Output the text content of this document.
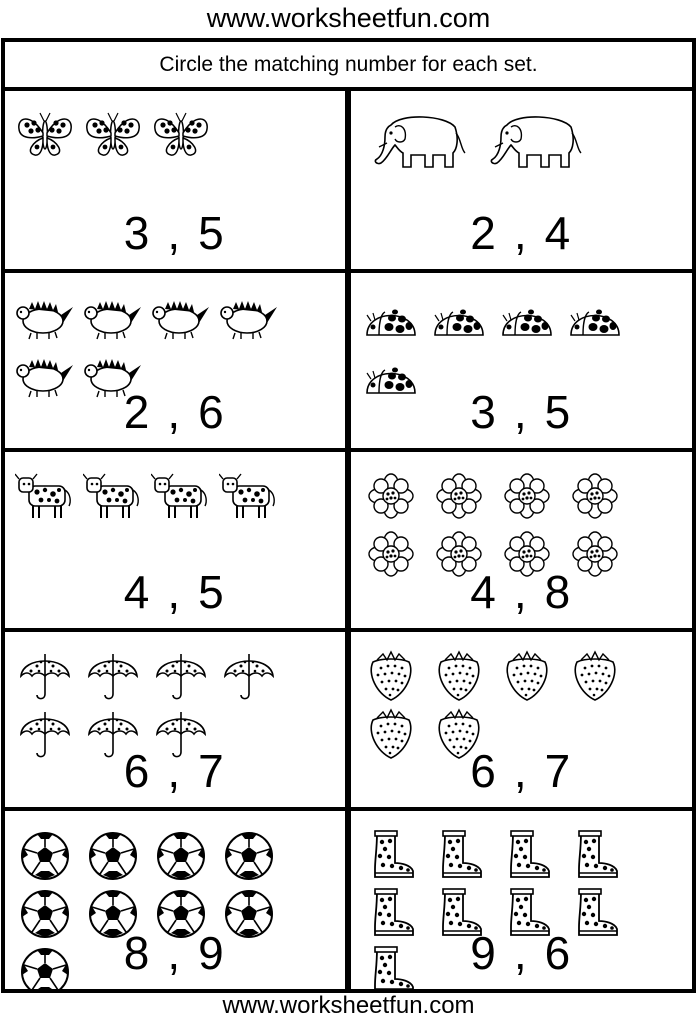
www.worksheetfun.com
Circle the matching number for each set.
3 , 5	2 , 4
2 , 6	3 , 5
4 , 5	4 , 8
6 , 7	6 , 7
8 , 9	9 , 6
www.worksheetfun.com
